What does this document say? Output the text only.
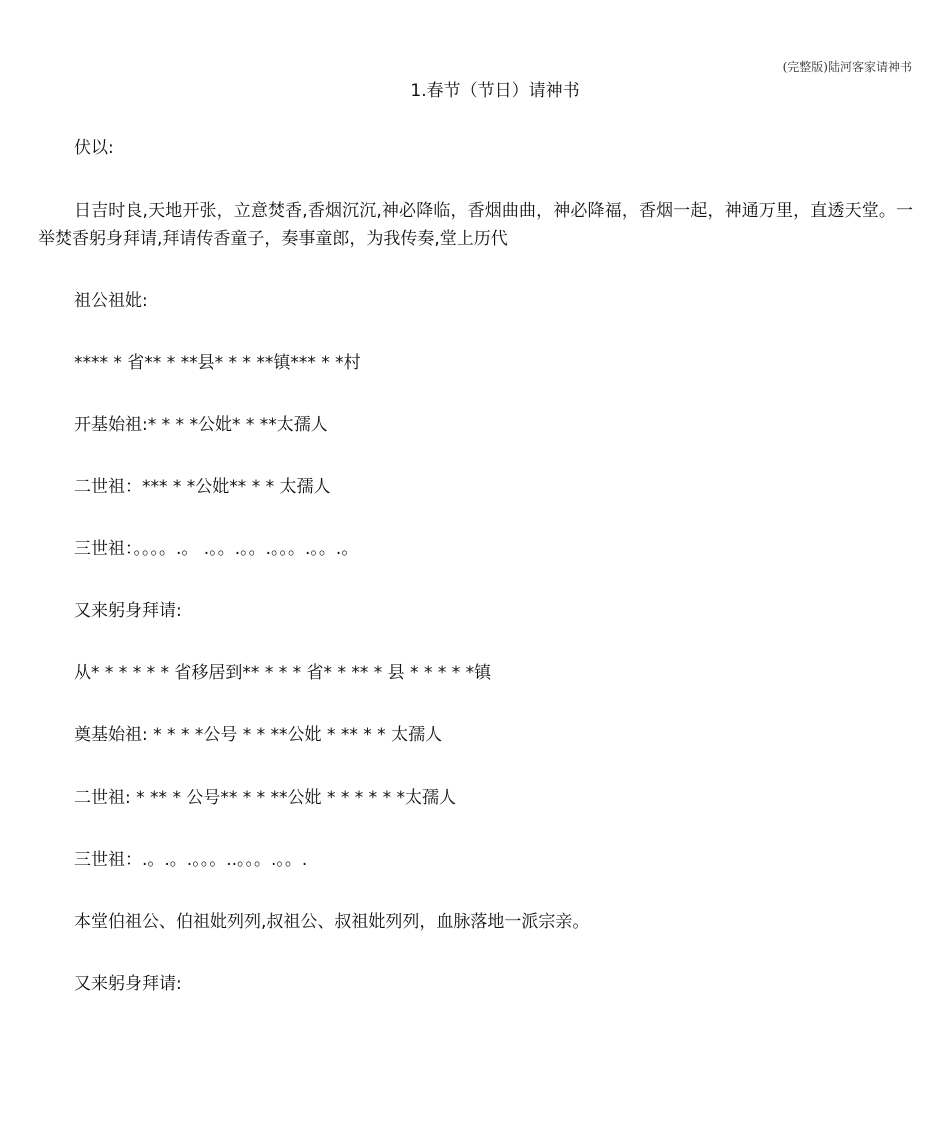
(完整版)陆河客家请神书
1.春节（节日）请神书
伏以:
日吉时良,天地开张，立意焚香,香烟沉沉,神必降临，香烟曲曲，神必降福，香烟一起，神通万里，直透天堂。一举焚香躬身拜请,拜请传香童子，奏事童郎，为我传奏,堂上历代
祖公祖妣:
**** * 省** * **县* * * **镇*** * *村
开基始祖:* * * *公妣* * **太孺人
二世祖：*** * *公妣** * * 太孺人
三世祖：。。。。.。 .。。.。。.。。。.。。.。
又来躬身拜请:
从* * * * * * 省移居到** * * * 省* * ** * 县 * * * * *镇
奠基始祖: * * * *公号 * * **公妣 * ** * * 太孺人
二世祖: * ** * 公号** * * **公妣 * * * * * *太孺人
三世祖：.。.。.。。。..。。。.。。.
本堂伯祖公、伯祖妣列列,叔祖公、叔祖妣列列，血脉落地一派宗亲。
又来躬身拜请:
